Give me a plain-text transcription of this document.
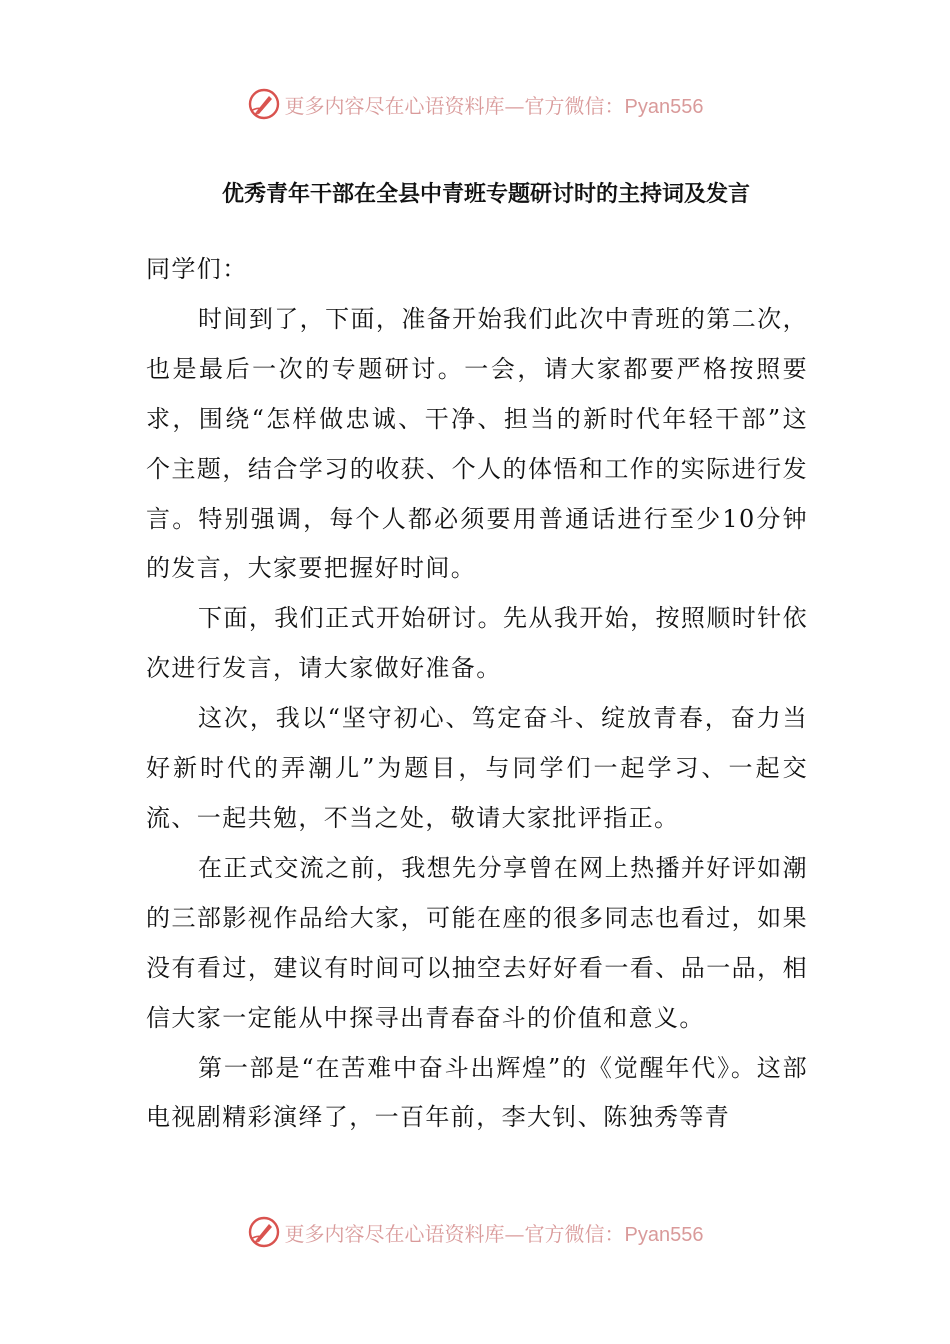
更多内容尽在心语资料库—官方微信：Pyan556
优秀青年干部在全县中青班专题研讨时的主持词及发言

同学们：

时间到了，下面，准备开始我们此次中青班的第二次，也是最后一次的专题研讨。一会，请大家都要严格按照要求，围绕“怎样做忠诚、干净、担当的新时代年轻干部”这个主题，结合学习的收获、个人的体悟和工作的实际进行发言。特别强调，每个人都必须要用普通话进行至少10分钟的发言，大家要把握好时间。

下面，我们正式开始研讨。先从我开始，按照顺时针依次进行发言，请大家做好准备。

这次，我以“坚守初心、笃定奋斗、绽放青春，奋力当好新时代的弄潮儿”为题目，与同学们一起学习、一起交流、一起共勉，不当之处，敬请大家批评指正。

在正式交流之前，我想先分享曾在网上热播并好评如潮的三部影视作品给大家，可能在座的很多同志也看过，如果没有看过，建议有时间可以抽空去好好看一看、品一品，相信大家一定能从中探寻出青春奋斗的价值和意义。

第一部是“在苦难中奋斗出辉煌”的《觉醒年代》。这部电视剧精彩演绎了，一百年前，李大钊、陈独秀等青

更多内容尽在心语资料库—官方微信：Pyan556
